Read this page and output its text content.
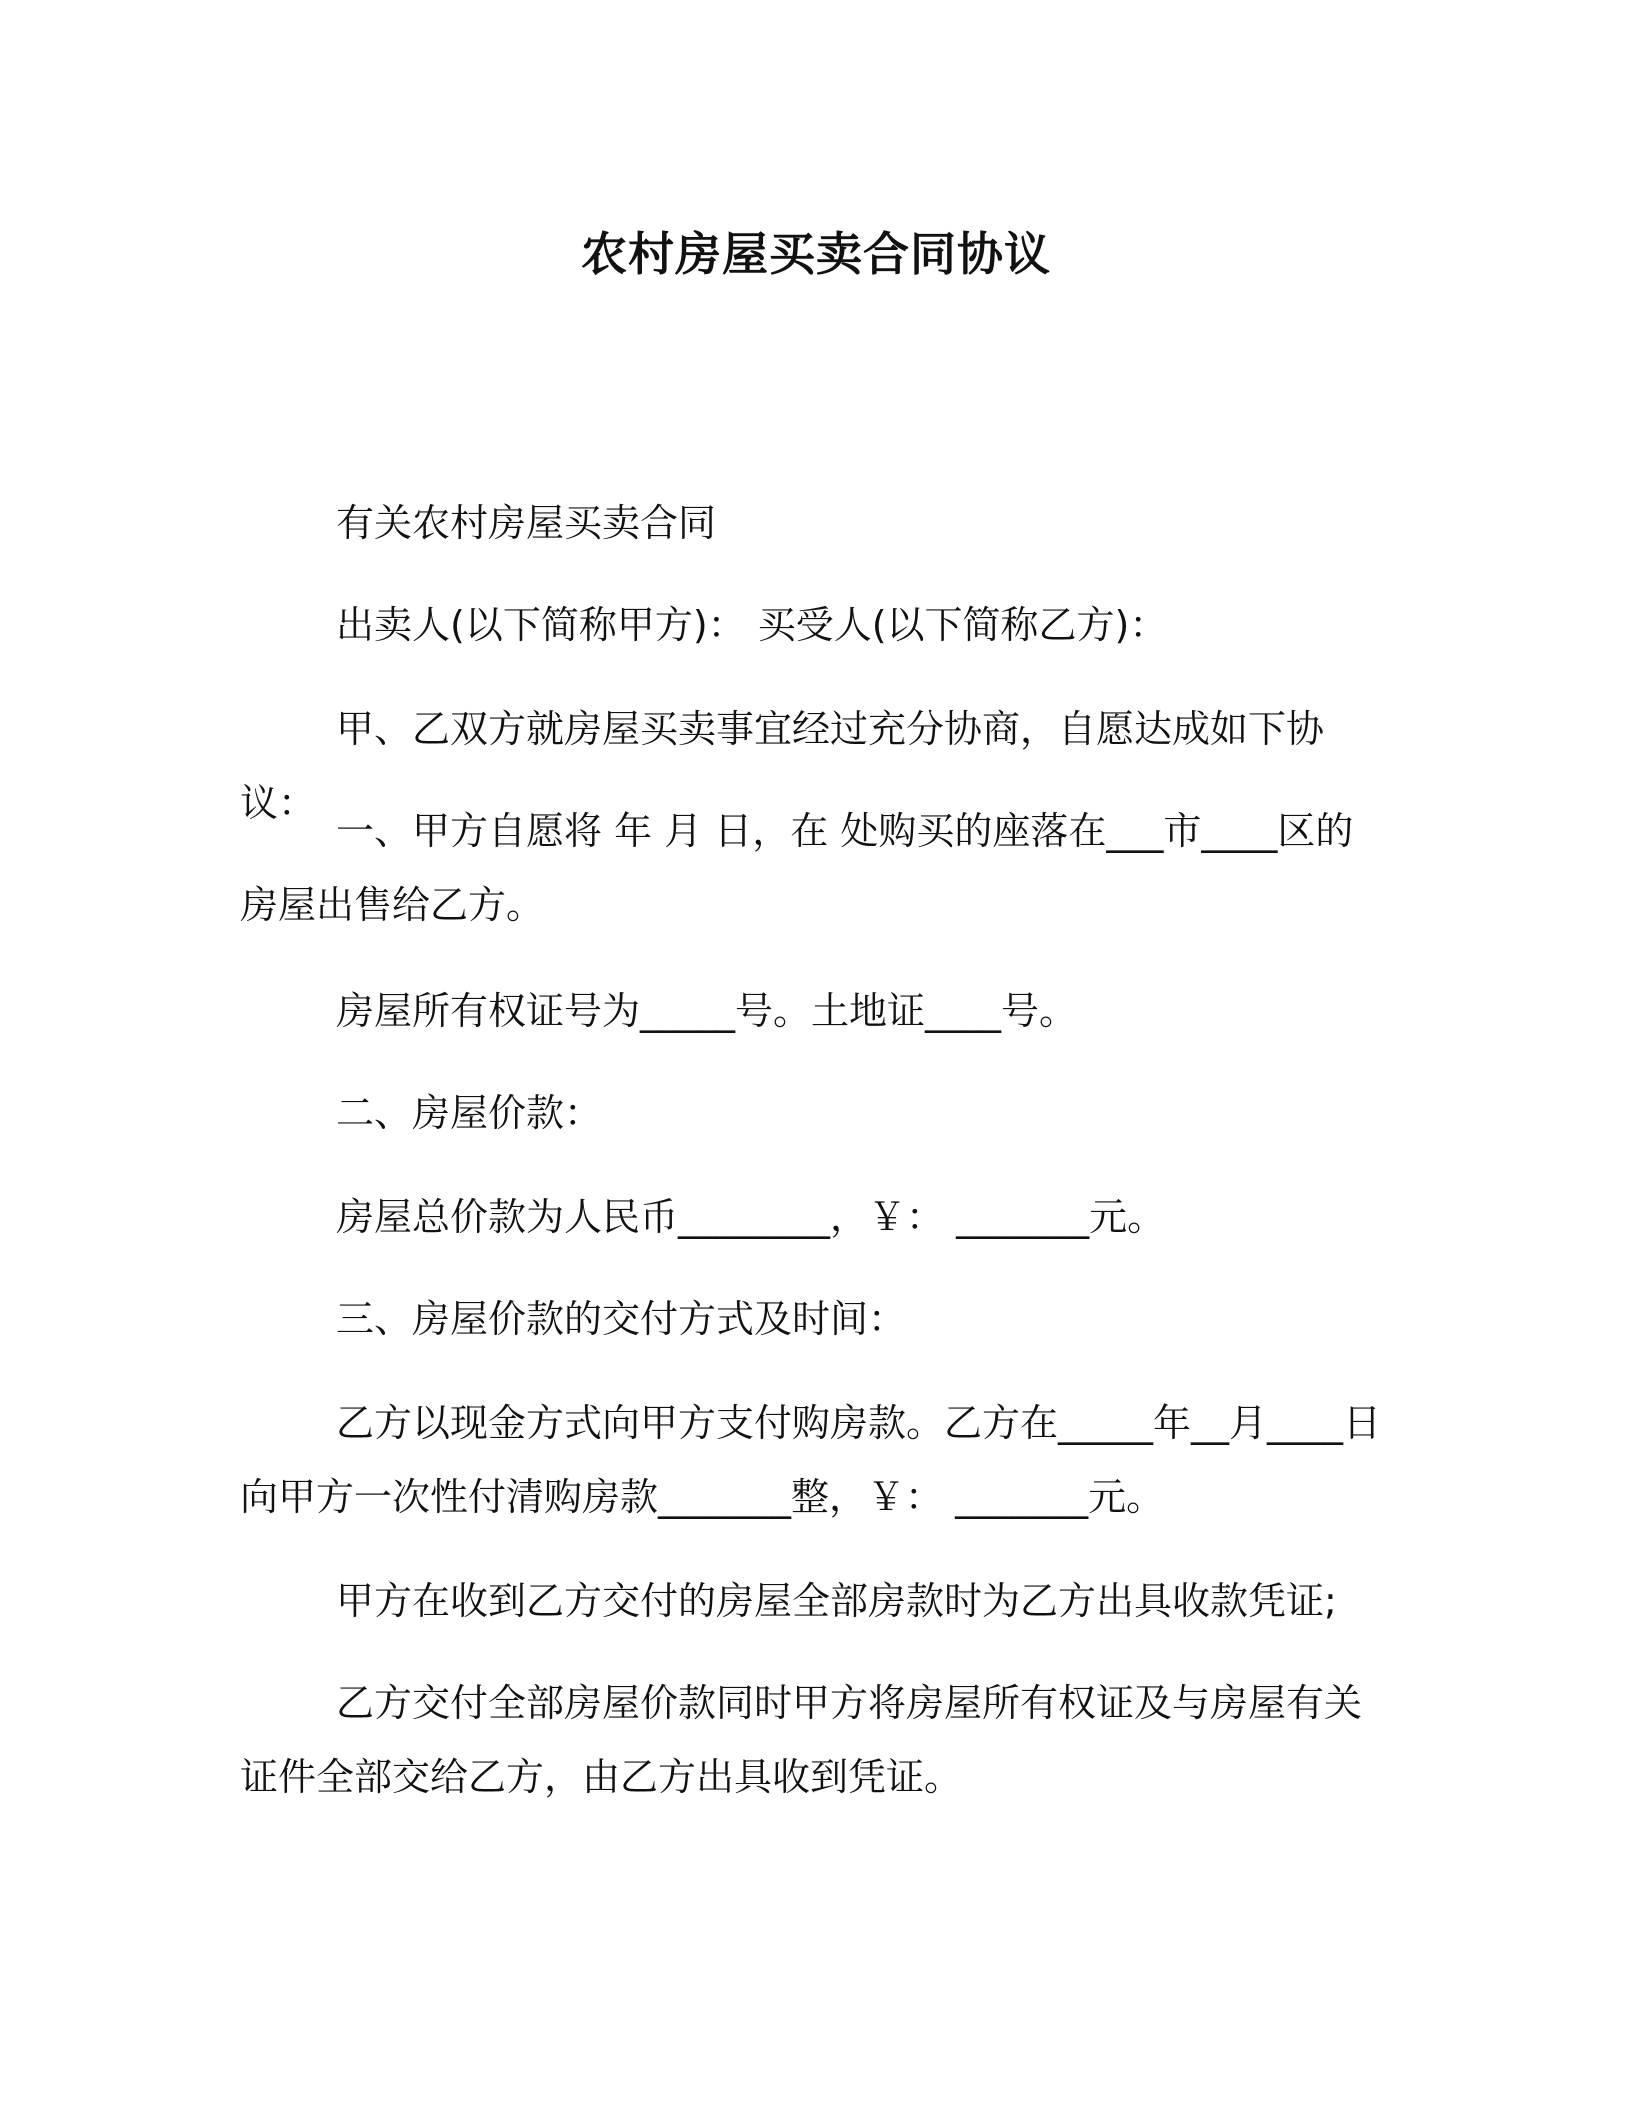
农村房屋买卖合同协议
有关农村房屋买卖合同
出卖人(以下简称甲方)： 买受人(以下简称乙方)：
甲、乙双方就房屋买卖事宜经过充分协商，自愿达成如下协议：
一、甲方自愿将 年 月 日，在 处购买的座落在___市____区的房屋出售给乙方。
房屋所有权证号为_____号。土地证____号。
二、房屋价款：
房屋总价款为人民币________，￥： _______元。
三、房屋价款的交付方式及时间：
乙方以现金方式向甲方支付购房款。乙方在_____年__月____日向甲方一次性付清购房款_______整，￥： _______元。
甲方在收到乙方交付的房屋全部房款时为乙方出具收款凭证;
乙方交付全部房屋价款同时甲方将房屋所有权证及与房屋有关证件全部交给乙方，由乙方出具收到凭证。
